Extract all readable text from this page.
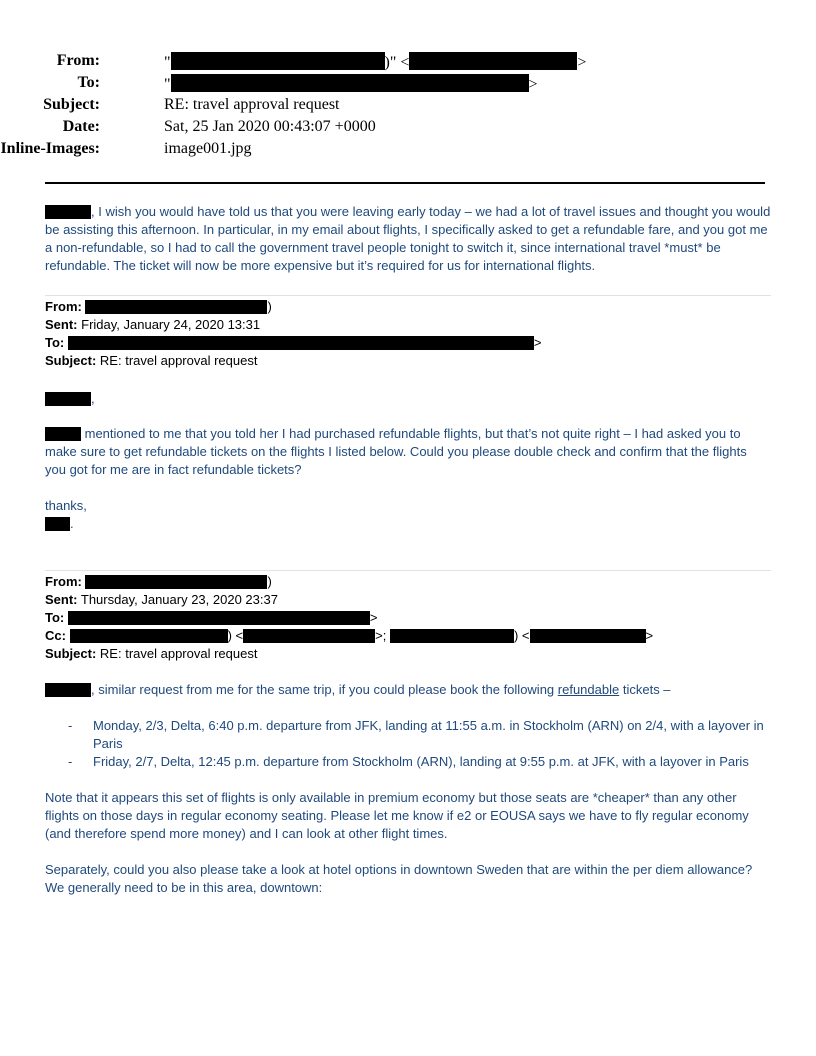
From:	"	)" <	>
To:	"	>
Subject:	RE: travel approval request
Date:	Sat, 25 Jan 2020 00:43:07 +0000
Inline-Images:	image001.jpg
, I wish you would have told us that you were leaving early today – we had a lot of travel issues and thought you would be assisting this afternoon. In particular, in my email about flights, I specifically asked to get a refundable fare, and you got me a non-refundable, so I had to call the government travel people tonight to switch it, since international travel *must* be refundable. The ticket will now be more expensive but it’s required for us for international flights.
From:	)
Sent: Friday, January 24, 2020 13:31
To:	>
Subject: RE: travel approval request
,
mentioned to me that you told her I had purchased refundable flights, but that’s not quite right – I had asked you to make sure to get refundable tickets on the flights I listed below. Could you please double check and confirm that the flights you got for me are in fact refundable tickets?
thanks,
.
From:	)
Sent: Thursday, January 23, 2020 23:37
To:	>
Cc:	) <	>;	) <	>
Subject: RE: travel approval request
, similar request from me for the same trip, if you could please book the following refundable tickets –
- Monday, 2/3, Delta, 6:40 p.m. departure from JFK, landing at 11:55 a.m. in Stockholm (ARN) on 2/4, with a layover in Paris
- Friday, 2/7, Delta, 12:45 p.m. departure from Stockholm (ARN), landing at 9:55 p.m. at JFK, with a layover in Paris
Note that it appears this set of flights is only available in premium economy but those seats are *cheaper* than any other flights on those days in regular economy seating. Please let me know if e2 or EOUSA says we have to fly regular economy (and therefore spend more money) and I can look at other flight times.
Separately, could you also please take a look at hotel options in downtown Sweden that are within the per diem allowance? We generally need to be in this area, downtown:
